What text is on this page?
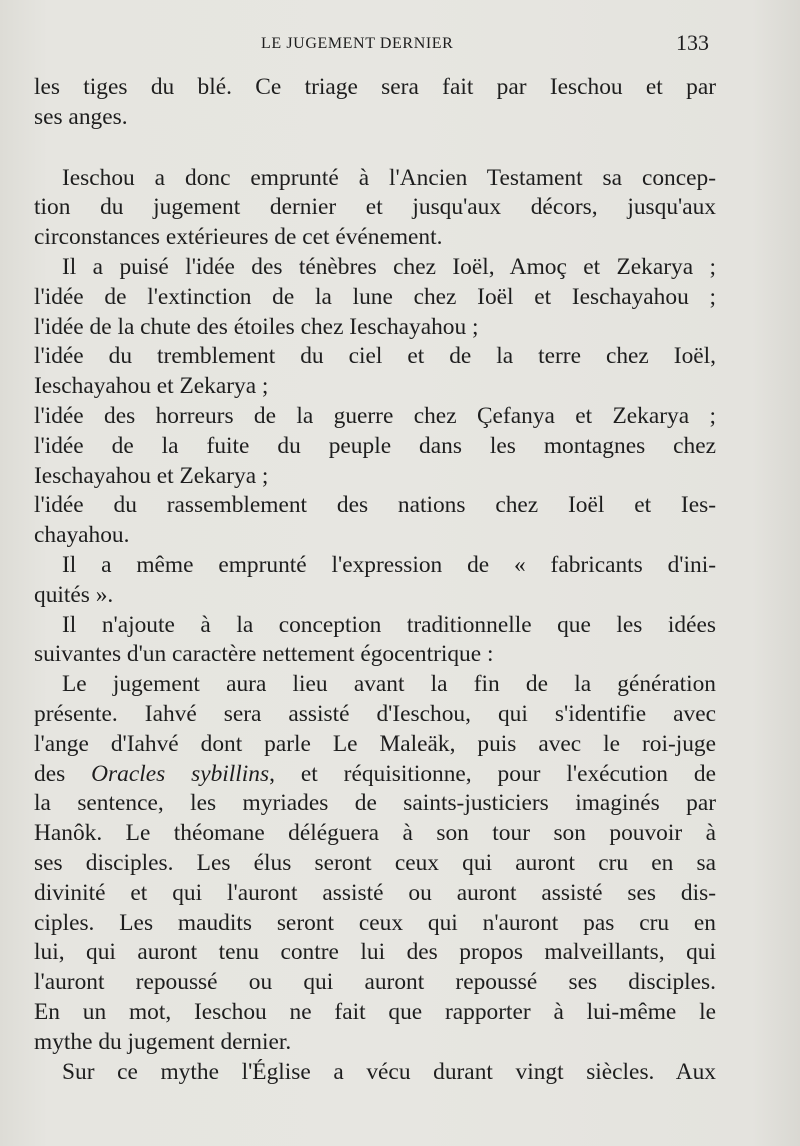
LE JUGEMENT DERNIER	133
les tiges du blé. Ce triage sera fait par Ieschou et par
ses anges.
Ieschou a donc emprunté à l'Ancien Testament sa concep-
tion du jugement dernier et jusqu'aux décors, jusqu'aux
circonstances extérieures de cet événement.
Il a puisé l'idée des ténèbres chez Ioël, Amoç et Zekarya ;
l'idée de l'extinction de la lune chez Ioël et Ieschayahou ;
l'idée de la chute des étoiles chez Ieschayahou ;
l'idée du tremblement du ciel et de la terre chez Ioël,
Ieschayahou et Zekarya ;
l'idée des horreurs de la guerre chez Çefanya et Zekarya ;
l'idée de la fuite du peuple dans les montagnes chez
Ieschayahou et Zekarya ;
l'idée du rassemblement des nations chez Ioël et Ies-
chayahou.
Il a même emprunté l'expression de « fabricants d'ini-
quités ».
Il n'ajoute à la conception traditionnelle que les idées
suivantes d'un caractère nettement égocentrique :
Le jugement aura lieu avant la fin de la génération
présente. Iahvé sera assisté d'Ieschou, qui s'identifie avec
l'ange d'Iahvé dont parle Le Maleäk, puis avec le roi-juge
des Oracles sybillins, et réquisitionne, pour l'exécution de
la sentence, les myriades de saints-justiciers imaginés par
Hanôk. Le théomane déléguera à son tour son pouvoir à
ses disciples. Les élus seront ceux qui auront cru en sa
divinité et qui l'auront assisté ou auront assisté ses dis-
ciples. Les maudits seront ceux qui n'auront pas cru en
lui, qui auront tenu contre lui des propos malveillants, qui
l'auront repoussé ou qui auront repoussé ses disciples.
En un mot, Ieschou ne fait que rapporter à lui-même le
mythe du jugement dernier.
Sur ce mythe l'Église a vécu durant vingt siècles. Aux
